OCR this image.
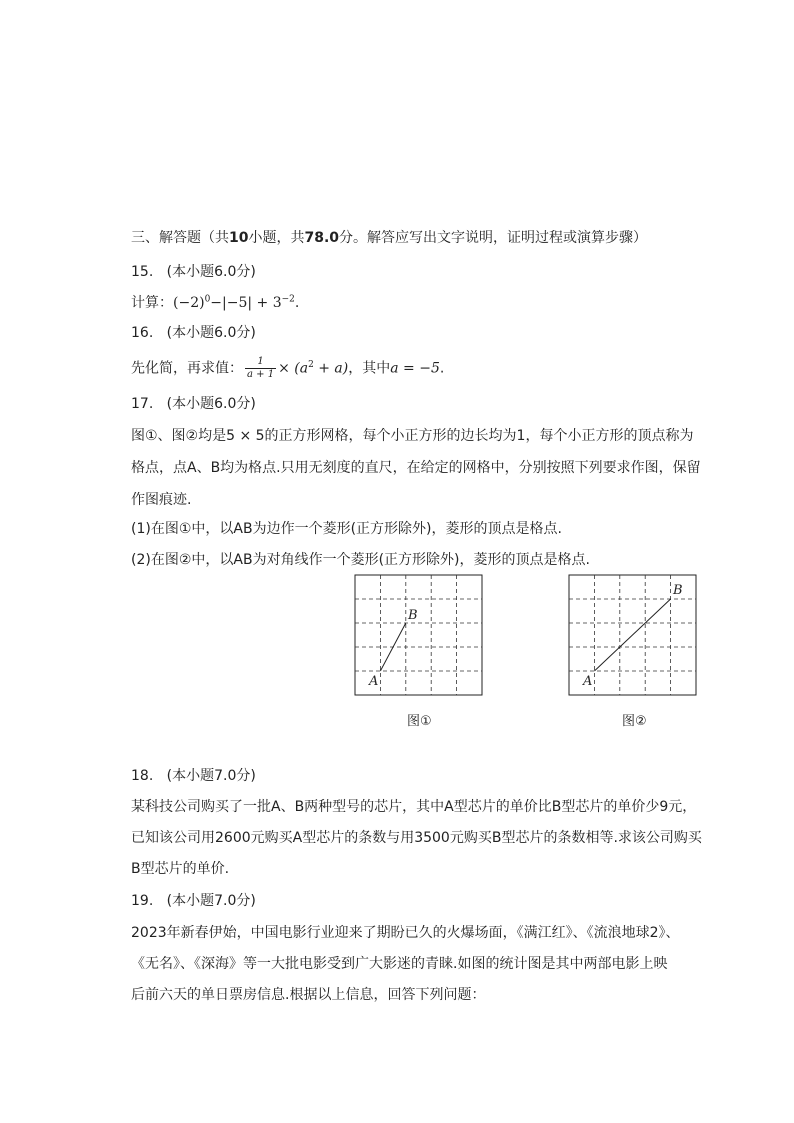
三、解答题（共10小题，共78.0分。解答应写出文字说明，证明过程或演算步骤）
15. (本小题6.0分)
计算：$(-2)^0-|-5| + 3^{-2}$.
16. (本小题6.0分)
先化简，再求值： $\frac{1}{a + 1} \times (a^2 + a)$，其中a = −5.
17. (本小题6.0分)
图①、图②均是5 × 5的正方形网格，每个小正方形的边长均为1，每个小正方形的顶点称为
格点，点A、B均为格点.只用无刻度的直尺，在给定的网格中，分别按照下列要求作图，保留
作图痕迹.
(1)在图①中，以AB为边作一个菱形(正方形除外)，菱形的顶点是格点.
(2)在图②中，以AB为对角线作一个菱形(正方形除外)，菱形的顶点是格点.
A
B
图①
A
B
图②
18. (本小题7.0分)
某科技公司购买了一批A、B两种型号的芯片，其中A型芯片的单价比B型芯片的单价少9元，
已知该公司用2600元购买A型芯片的条数与用3500元购买B型芯片的条数相等.求该公司购买
B型芯片的单价.
19. (本小题7.0分)
2023年新春伊始，中国电影行业迎来了期盼已久的火爆场面，《满江红》、《流浪地球2》、
《无名》、《深海》等一大批电影受到广大影迷的青睐.如图的统计图是其中两部电影上映
后前六天的单日票房信息.根据以上信息，回答下列问题：
